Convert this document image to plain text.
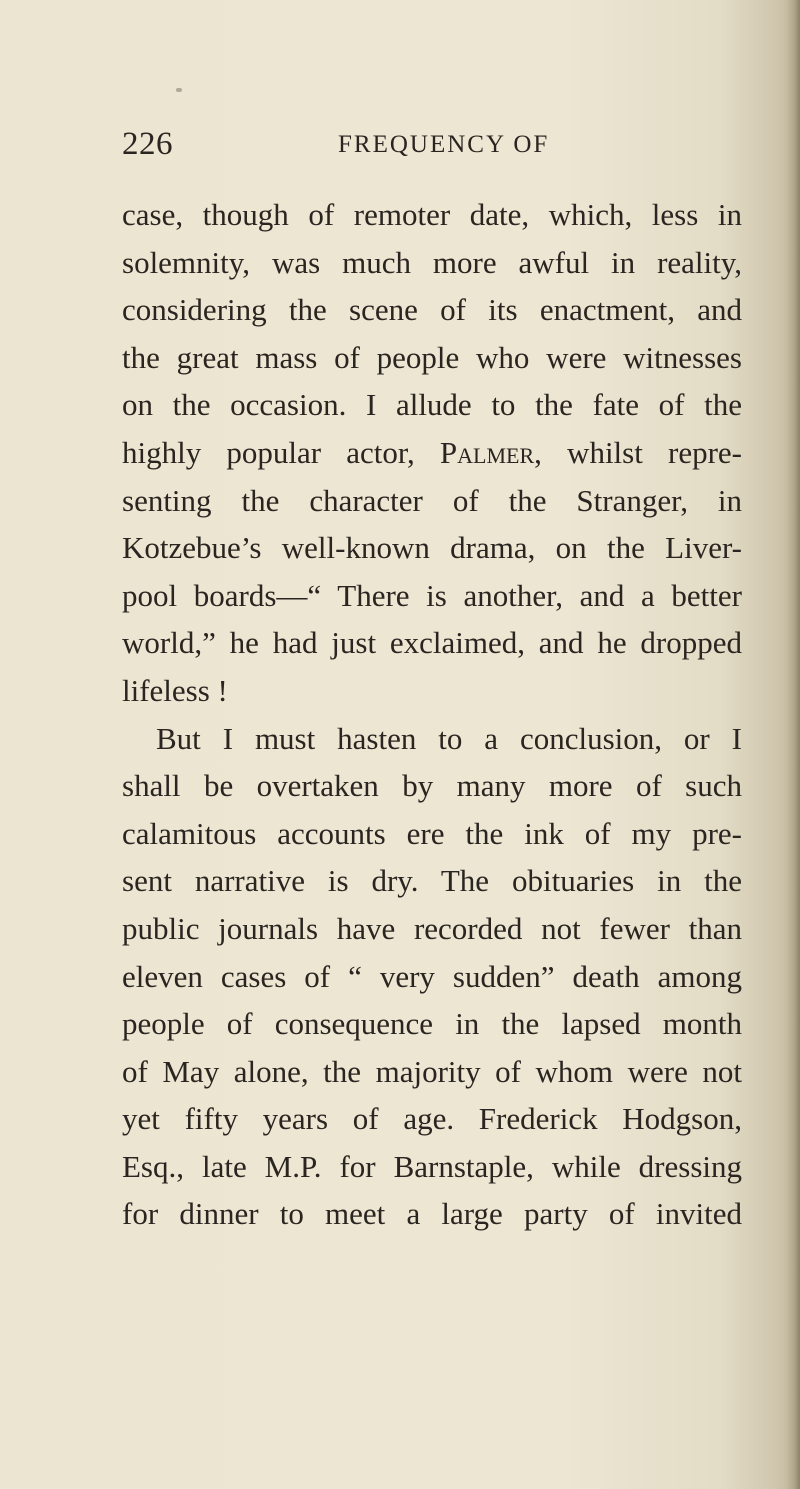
226	FREQUENCY OF
case, though of remoter date, which, less in
solemnity, was much more awful in reality,
considering the scene of its enactment, and
the great mass of people who were witnesses
on the occasion. I allude to the fate of the
highly popular actor, Palmer, whilst repre-
senting the character of the Stranger, in
Kotzebue’s well-known drama, on the Liver-
pool boards—“ There is another, and a better
world,” he had just exclaimed, and he dropped
lifeless !
But I must hasten to a conclusion, or I
shall be overtaken by many more of such
calamitous accounts ere the ink of my pre-
sent narrative is dry. The obituaries in the
public journals have recorded not fewer than
eleven cases of “ very sudden” death among
people of consequence in the lapsed month
of May alone, the majority of whom were not
yet fifty years of age. Frederick Hodgson,
Esq., late M.P. for Barnstaple, while dressing
for dinner to meet a large party of invited
